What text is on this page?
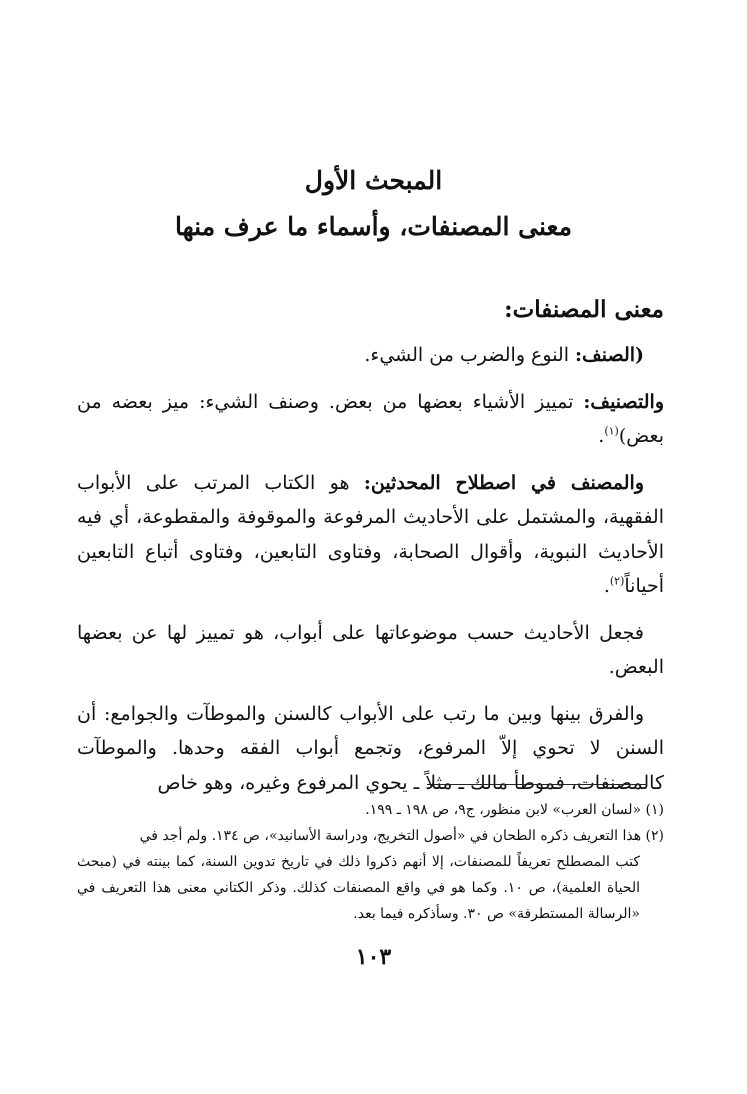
المبحث الأول
معنى المصنفات، وأسماء ما عرف منها
معنى المصنفات:

(الصنف: النوع والضرب من الشيء.

والتصنيف: تمييز الأشياء بعضها من بعض. وصنف الشيء: ميز بعضه من بعض)$^{(١)}$.

والمصنف في اصطلاح المحدثين: هو الكتاب المرتب على الأبواب الفقهية، والمشتمل على الأحاديث المرفوعة والموقوفة والمقطوعة، أي فيه الأحاديث النبوية، وأقوال الصحابة، وفتاوى التابعين، وفتاوى أتباع التابعين أحياناً$^{(٢)}$.

فجعل الأحاديث حسب موضوعاتها على أبواب، هو تمييز لها عن بعضها البعض.

والفرق بينها وبين ما رتب على الأبواب كالسنن والموطآت والجوامع: أن السنن لا تحوي إلاّ المرفوع، وتجمع أبواب الفقه وحدها. والموطآت كالمصنفات، فموطأ مالك ـ مثلاً ـ يحوي المرفوع وغيره، وهو خاص

(١) «لسان العرب» لابن منظور، ج٩، ص ١٩٨ ـ ١٩٩.

(٢) هذا التعريف ذكره الطحان في «أصول التخريج، ودراسة الأسانيد»، ص ١٣٤. ولم أجد في

كتب المصطلح تعريفاً للمصنفات، إلا أنهم ذكروا ذلك في تاريخ تدوين السنة، كما بينته في (مبحث الحياة العلمية)، ص ١٠. وكما هو في واقع المصنفات كذلك. وذكر الكتاني معنى هذا التعريف في «الرسالة المستطرفة» ص ٣٠. وسأذكره فيما بعد.

١٠٣
